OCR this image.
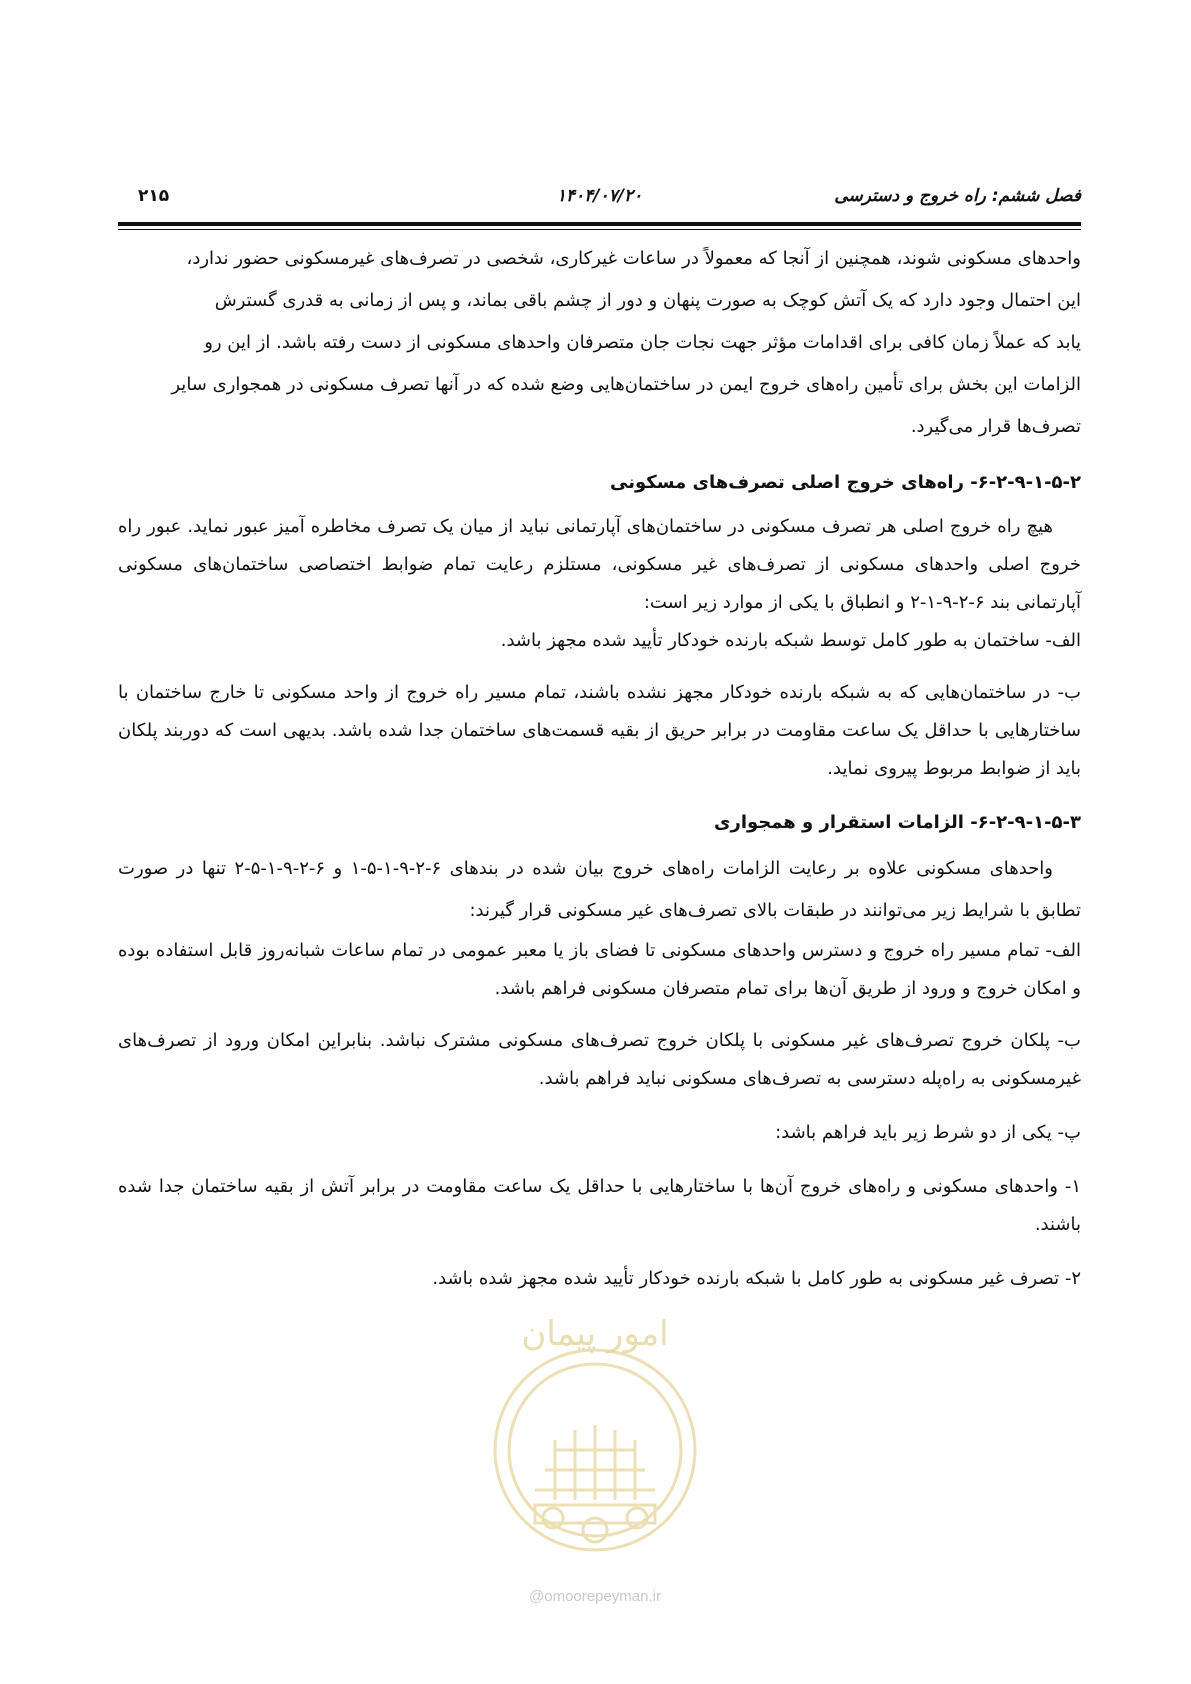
فصل ششم: راه خروج و دسترسی
۱۴۰۴/۰۷/۲۰
۲۱۵

واحدهای مسکونی شوند، همچنین از آنجا که معمولاً در ساعات غیرکاری، شخصی در تصرف‌های غیرمسکونی حضور ندارد،

این احتمال وجود دارد که یک آتش کوچک به صورت پنهان و دور از چشم باقی بماند، و پس از زمانی به قدری گسترش

یابد که عملاً زمان کافی برای اقدامات مؤثر جهت نجات جان متصرفان واحدهای مسکونی از دست رفته باشد. از این رو

الزامات این بخش برای تأمین راه‌های خروج ایمن در ساختمان‌هایی وضع شده که در آنها تصرف مسکونی در همجواری سایر

تصرف‌ها قرار می‌گیرد.

۶-۲-۹-۱-۵-۲- راه‌های خروج اصلی تصرف‌های مسکونی

هیچ راه خروج اصلی هر تصرف مسکونی در ساختمان‌های آپارتمانی نباید از میان یک تصرف مخاطره آمیز عبور نماید. عبور راه خروج اصلی واحدهای مسکونی از تصرف‌های غیر مسکونی، مستلزم رعایت تمام ضوابط اختصاصی ساختمان‌های مسکونی آپارتمانی بند ۶-۲-۹-۱-۲ و انطباق با یکی از موارد زیر است:

الف- ساختمان به طور کامل توسط شبکه بارنده خودکار تأیید شده مجهز باشد.

ب- در ساختمان‌هایی که به شبکه بارنده خودکار مجهز نشده باشند، تمام مسیر راه خروج از واحد مسکونی تا خارج ساختمان با ساختارهایی با حداقل یک ساعت مقاومت در برابر حریق از بقیه قسمت‌های ساختمان جدا شده باشد. بدیهی است که دوربند پلکان باید از ضوابط مربوط پیروی نماید.

۶-۲-۹-۱-۵-۳- الزامات استقرار و همجواری

واحدهای مسکونی علاوه بر رعایت الزامات راه‌های خروج بیان شده در بندهای ۶-۲-۹-۱-۵-۱ و ۶-۲-۹-۱-۵-۲ تنها در صورت تطابق با شرایط زیر می‌توانند در طبقات بالای تصرف‌های غیر مسکونی قرار گیرند:

الف- تمام مسیر راه خروج و دسترس واحدهای مسکونی تا فضای باز یا معبر عمومی در تمام ساعات شبانه‌روز قابل استفاده بوده و امکان خروج و ورود از طریق آن‌ها برای تمام متصرفان مسکونی فراهم باشد.

ب- پلکان خروج تصرف‌های غیر مسکونی با پلکان خروج تصرف‌های مسکونی مشترک نباشد. بنابراین امکان ورود از تصرف‌های غیرمسکونی به راه‌پله دسترسی به تصرف‌های مسکونی نباید فراهم باشد.

پ- یکی از دو شرط زیر باید فراهم باشد:

۱- واحدهای مسکونی و راه‌های خروج آن‌ها با ساختارهایی با حداقل یک ساعت مقاومت در برابر آتش از بقیه ساختمان جدا شده باشند.

۲- تصرف غیر مسکونی به طور کامل با شبکه بارنده خودکار تأیید شده مجهز شده باشد.

امور پیمان
@omoorepeyman.ir
